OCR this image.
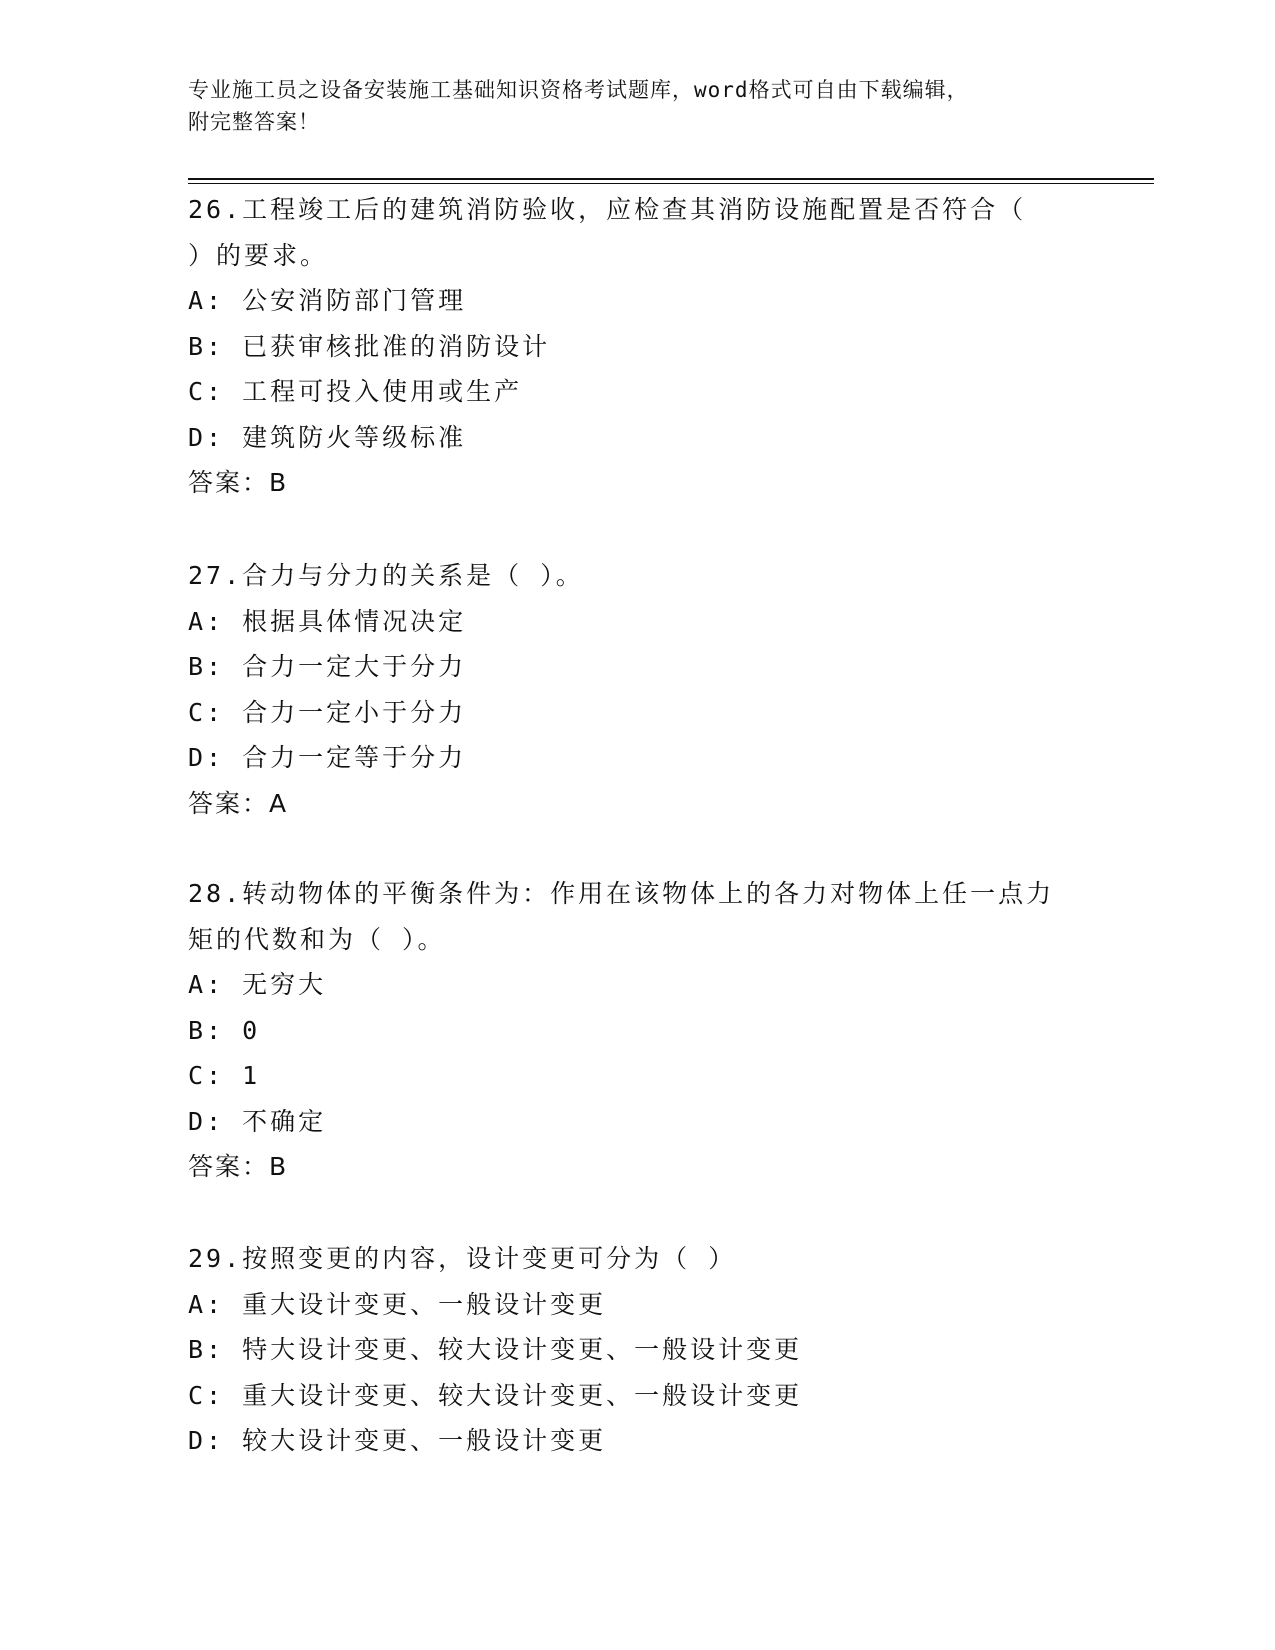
专业施工员之设备安装施工基础知识资格考试题库，word格式可自由下载编辑，
附完整答案！
26.工程竣工后的建筑消防验收，应检查其消防设施配置是否符合（
）的要求。
A: 公安消防部门管理
B: 已获审核批准的消防设计
C: 工程可投入使用或生产
D: 建筑防火等级标准
答案：B
27.合力与分力的关系是（ ）。
A: 根据具体情况决定
B: 合力一定大于分力
C: 合力一定小于分力
D: 合力一定等于分力
答案：A
28.转动物体的平衡条件为：作用在该物体上的各力对物体上任一点力
矩的代数和为（ ）。
A: 无穷大
B: 0
C: 1
D: 不确定
答案：B
29.按照变更的内容，设计变更可分为（ ）
A: 重大设计变更、一般设计变更
B: 特大设计变更、较大设计变更、一般设计变更
C: 重大设计变更、较大设计变更、一般设计变更
D: 较大设计变更、一般设计变更
